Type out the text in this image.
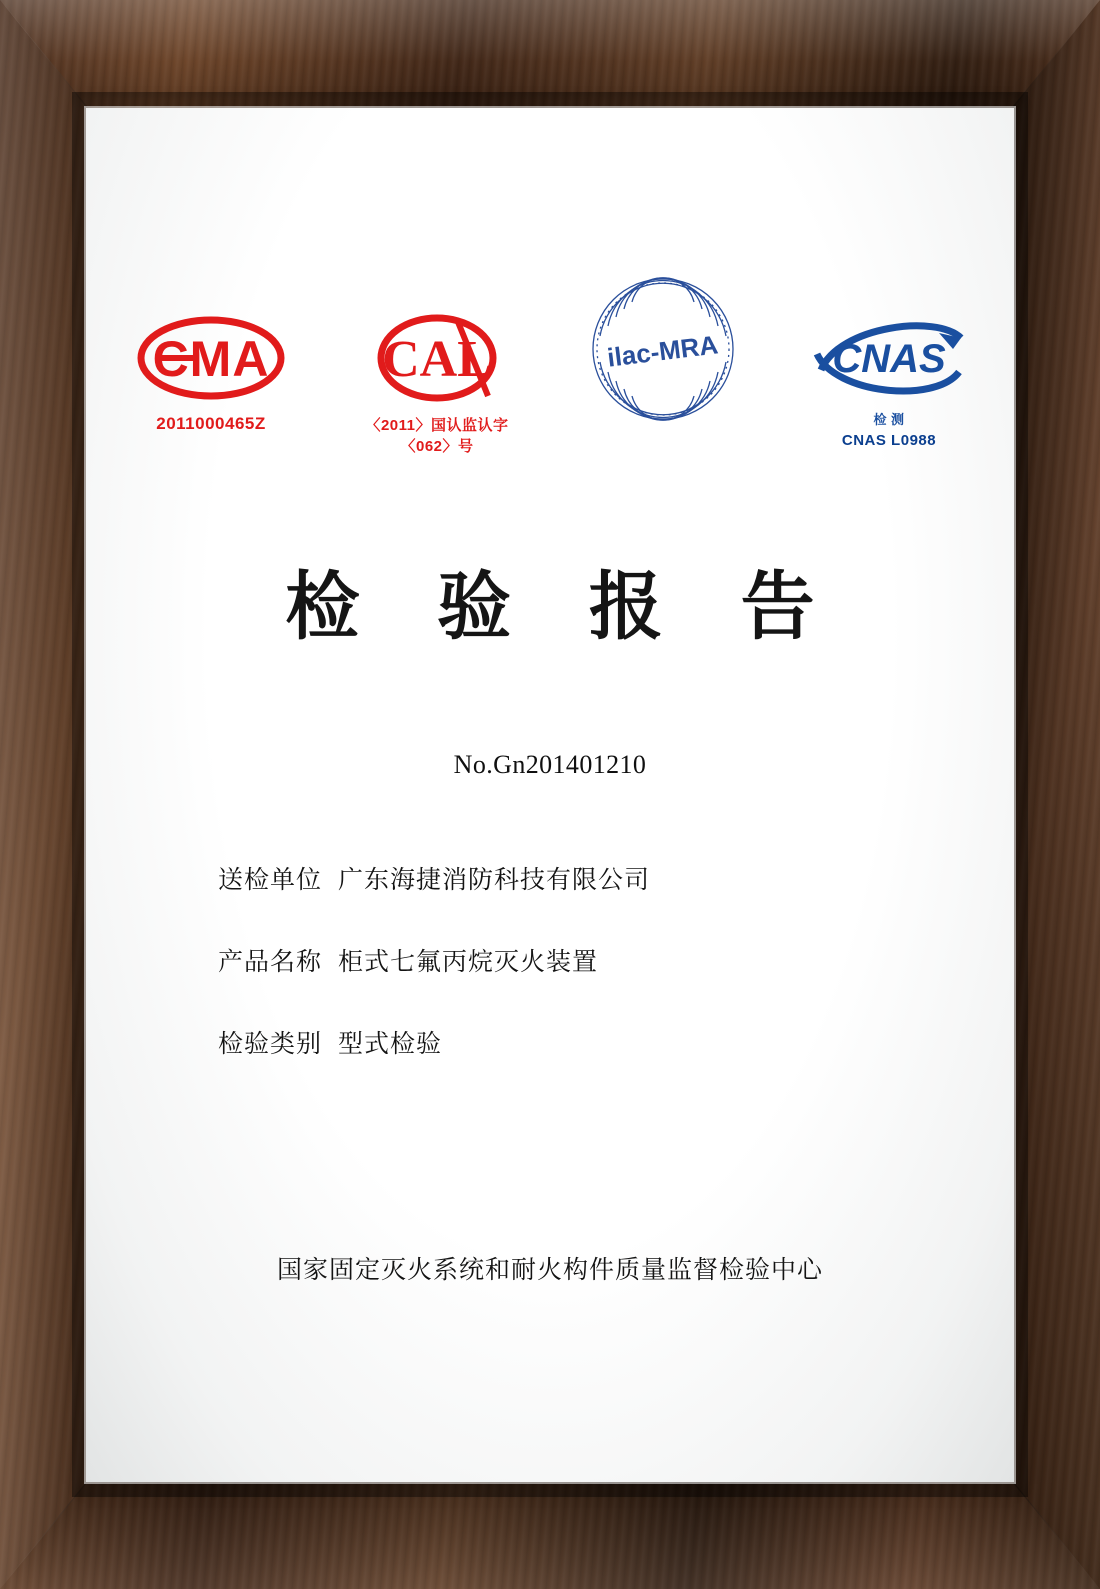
CMA
2011000465Z
CAL
〈2011〉国认监认字〈062〉号
ilac-MRA	CNAS
检 测
CNAS L0988
检 验 报 告
No.Gn201401210
送检单位 广东海捷消防科技有限公司
产品名称 柜式七氟丙烷灭火装置
检验类别 型式检验
国家固定灭火系统和耐火构件质量监督检验中心
